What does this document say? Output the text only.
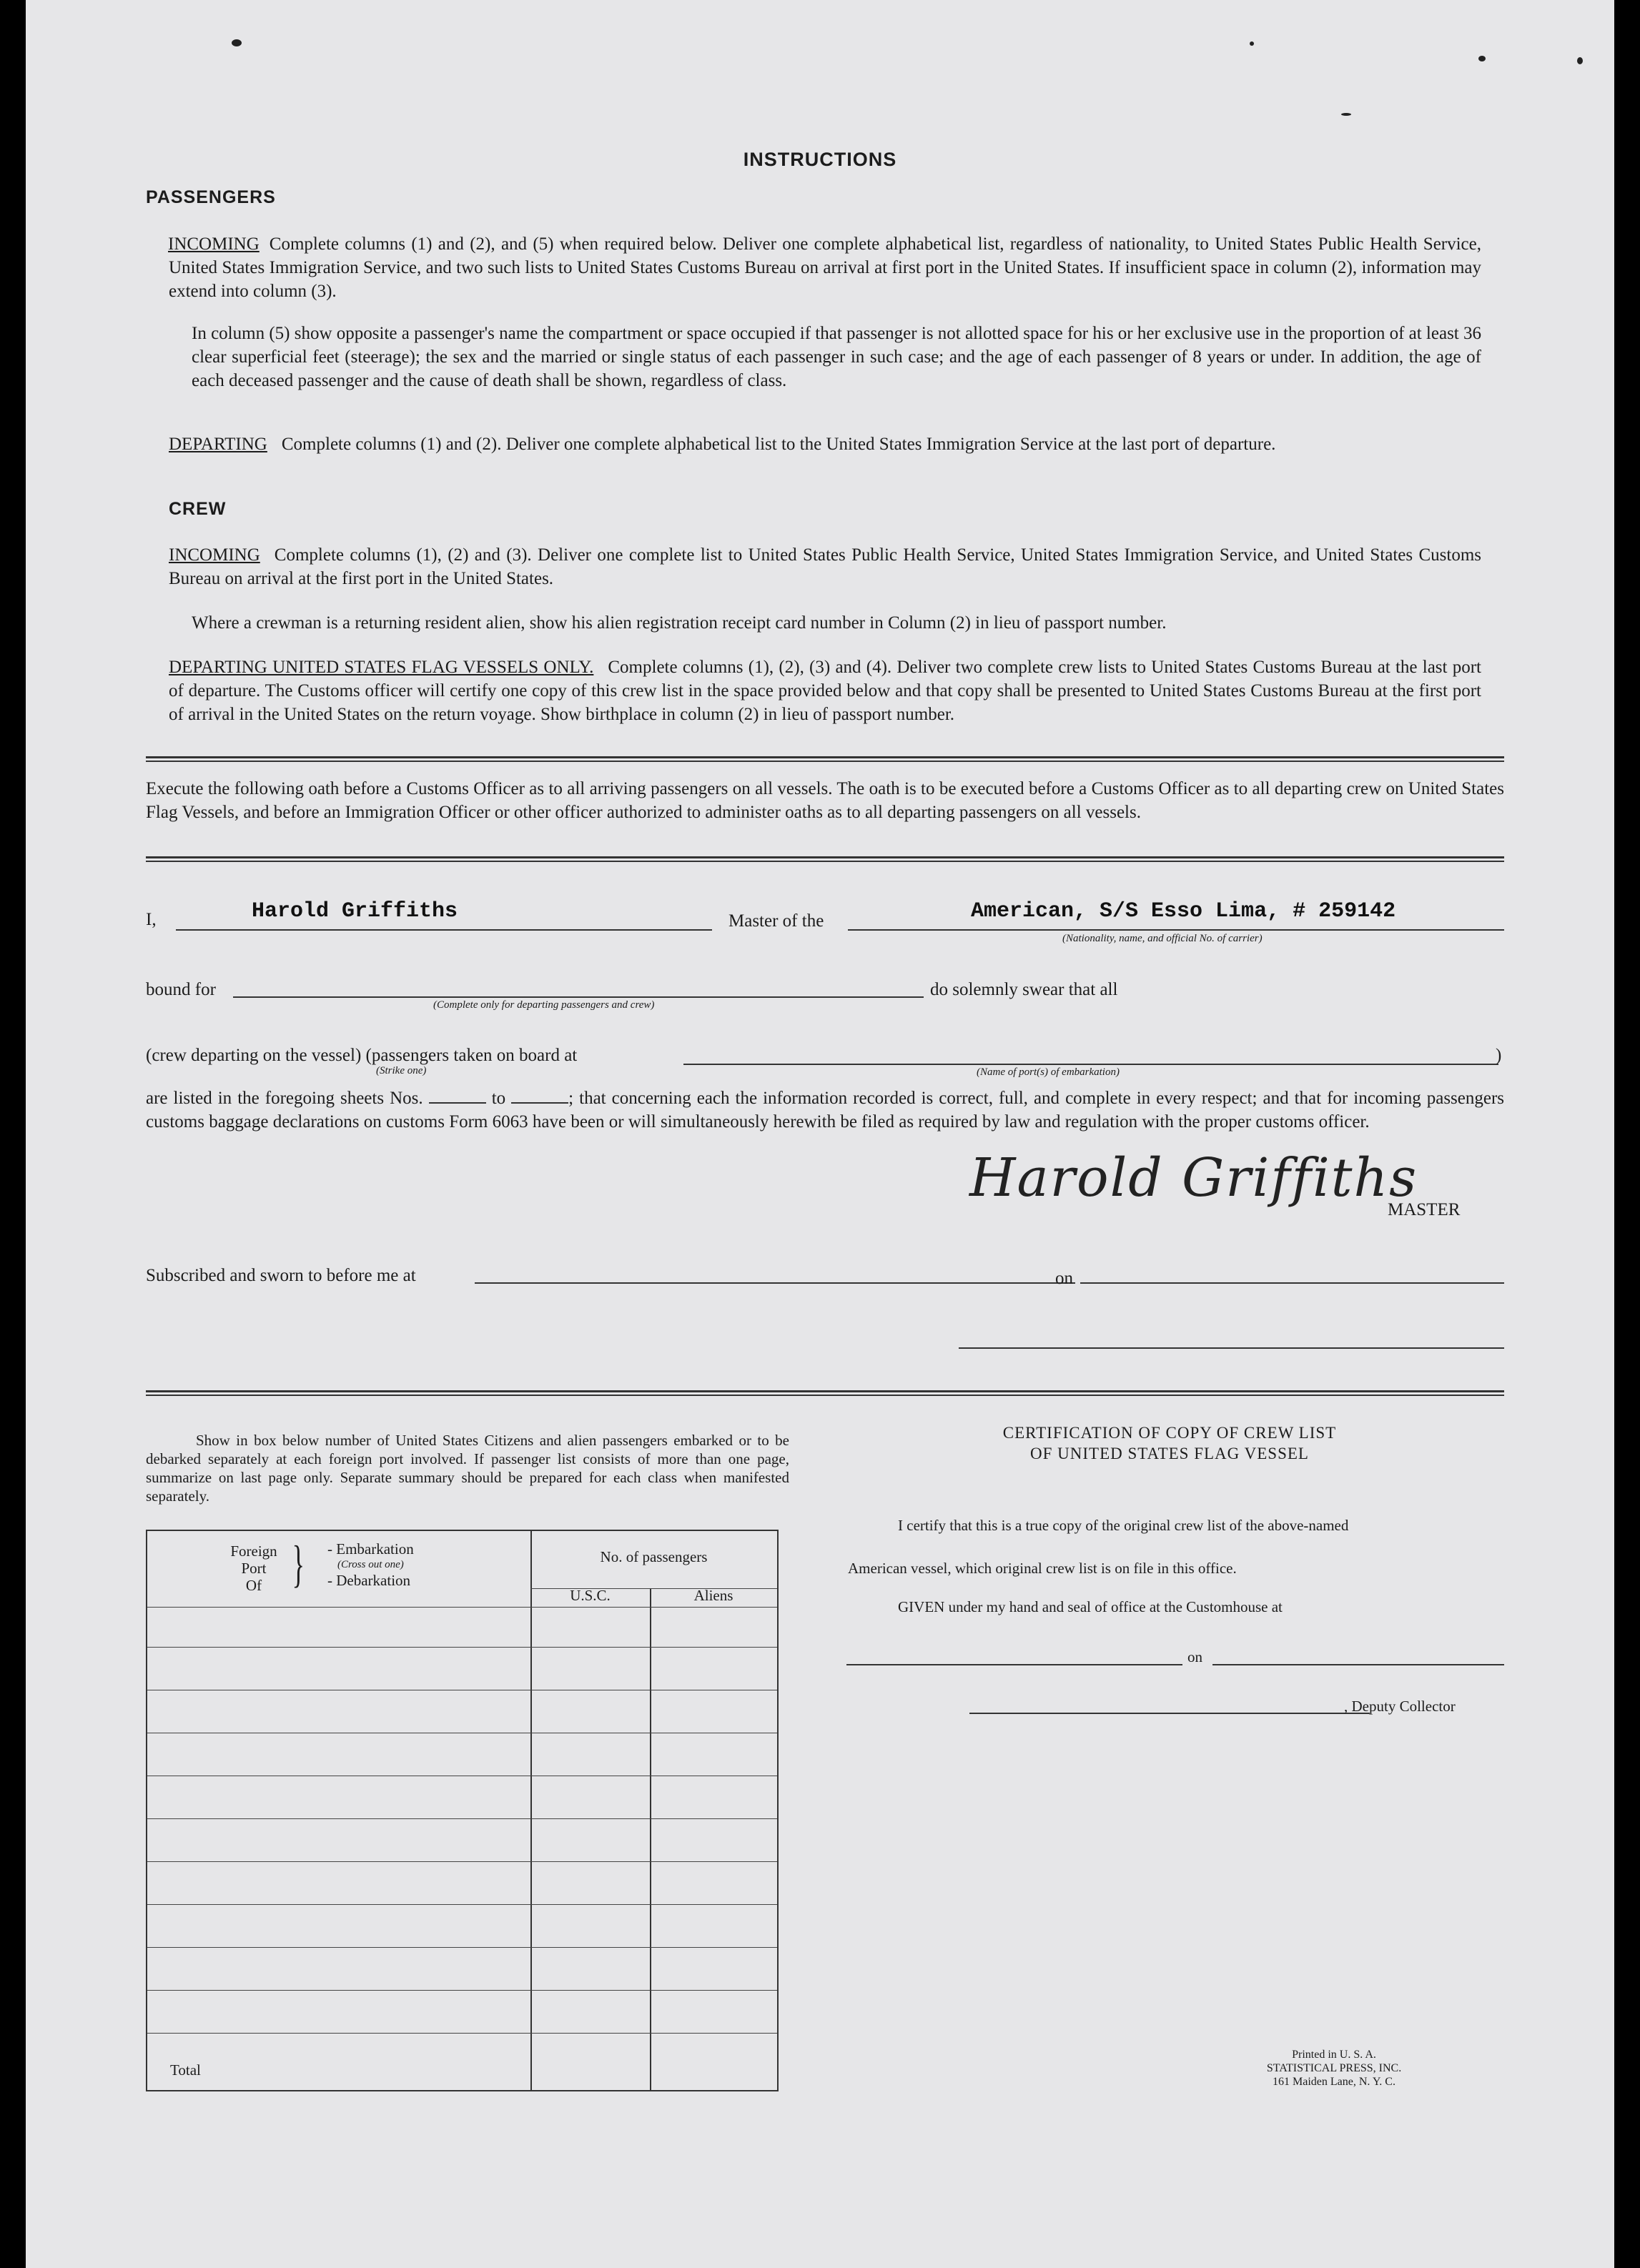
INSTRUCTIONS
PASSENGERS
INCOMING Complete columns (1) and (2), and (5) when required below. Deliver one complete alphabetical list, regardless of nationality, to United States Public Health Service, United States Immigration Service, and two such lists to United States Customs Bureau on arrival at first port in the United States. If insufficient space in column (2), information may extend into column (3).
In column (5) show opposite a passenger's name the compartment or space occupied if that passenger is not allotted space for his or her exclusive use in the proportion of at least 36 clear superficial feet (steerage); the sex and the married or single status of each passenger in such case; and the age of each passenger of 8 years or under. In addition, the age of each deceased passenger and the cause of death shall be shown, regardless of class.
DEPARTING Complete columns (1) and (2). Deliver one complete alphabetical list to the United States Immigration Service at the last port of departure.
CREW
INCOMING Complete columns (1), (2) and (3). Deliver one complete list to United States Public Health Service, United States Immigration Service, and United States Customs Bureau on arrival at the first port in the United States.
Where a crewman is a returning resident alien, show his alien registration receipt card number in Column (2) in lieu of passport number.
DEPARTING UNITED STATES FLAG VESSELS ONLY. Complete columns (1), (2), (3) and (4). Deliver two complete crew lists to United States Customs Bureau at the last port of departure. The Customs officer will certify one copy of this crew list in the space provided below and that copy shall be presented to United States Customs Bureau at the first port of arrival in the United States on the return voyage. Show birthplace in column (2) in lieu of passport number.
Execute the following oath before a Customs Officer as to all arriving passengers on all vessels. The oath is to be executed before a Customs Officer as to all departing crew on United States Flag Vessels, and before an Immigration Officer or other officer authorized to administer oaths as to all departing passengers on all vessels.
I,	Harold Griffiths	Master of the	American, S/S Esso Lima, # 259142
(Nationality, name, and official No. of carrier)
bound for
(Complete only for departing passengers and crew)
do solemnly swear that all
(crew departing on the vessel) (passengers taken on board at
(Strike one)
)
(Name of port(s) of embarkation)
are listed in the foregoing sheets Nos.	to	; that concerning each the information recorded is correct, full, and complete in every respect; and that for incoming passengers customs baggage declarations on customs Form 6063 have been or will simultaneously herewith be filed as required by law and regulation with the proper customs officer.
Harold Griffiths
MASTER
Subscribed and sworn to before me at	on
Show in box below number of United States Citizens and alien passengers embarked or to be debarked separately at each foreign port involved. If passenger list consists of more than one page, summarize on last page only. Separate summary should be prepared for each class when manifested separately.
Foreign
Port
Of } - Embarkation
(Cross out one)
- Debarkation
No. of passengers
U.S.C.	Aliens
Total
CERTIFICATION OF COPY OF CREW LIST
OF UNITED STATES FLAG VESSEL
I certify that this is a true copy of the original crew list of the above-named
American vessel, which original crew list is on file in this office.
GIVEN under my hand and seal of office at the Customhouse at
on
, Deputy Collector
Printed in U. S. A.
STATISTICAL PRESS, INC.
161 Maiden Lane, N. Y. C.
